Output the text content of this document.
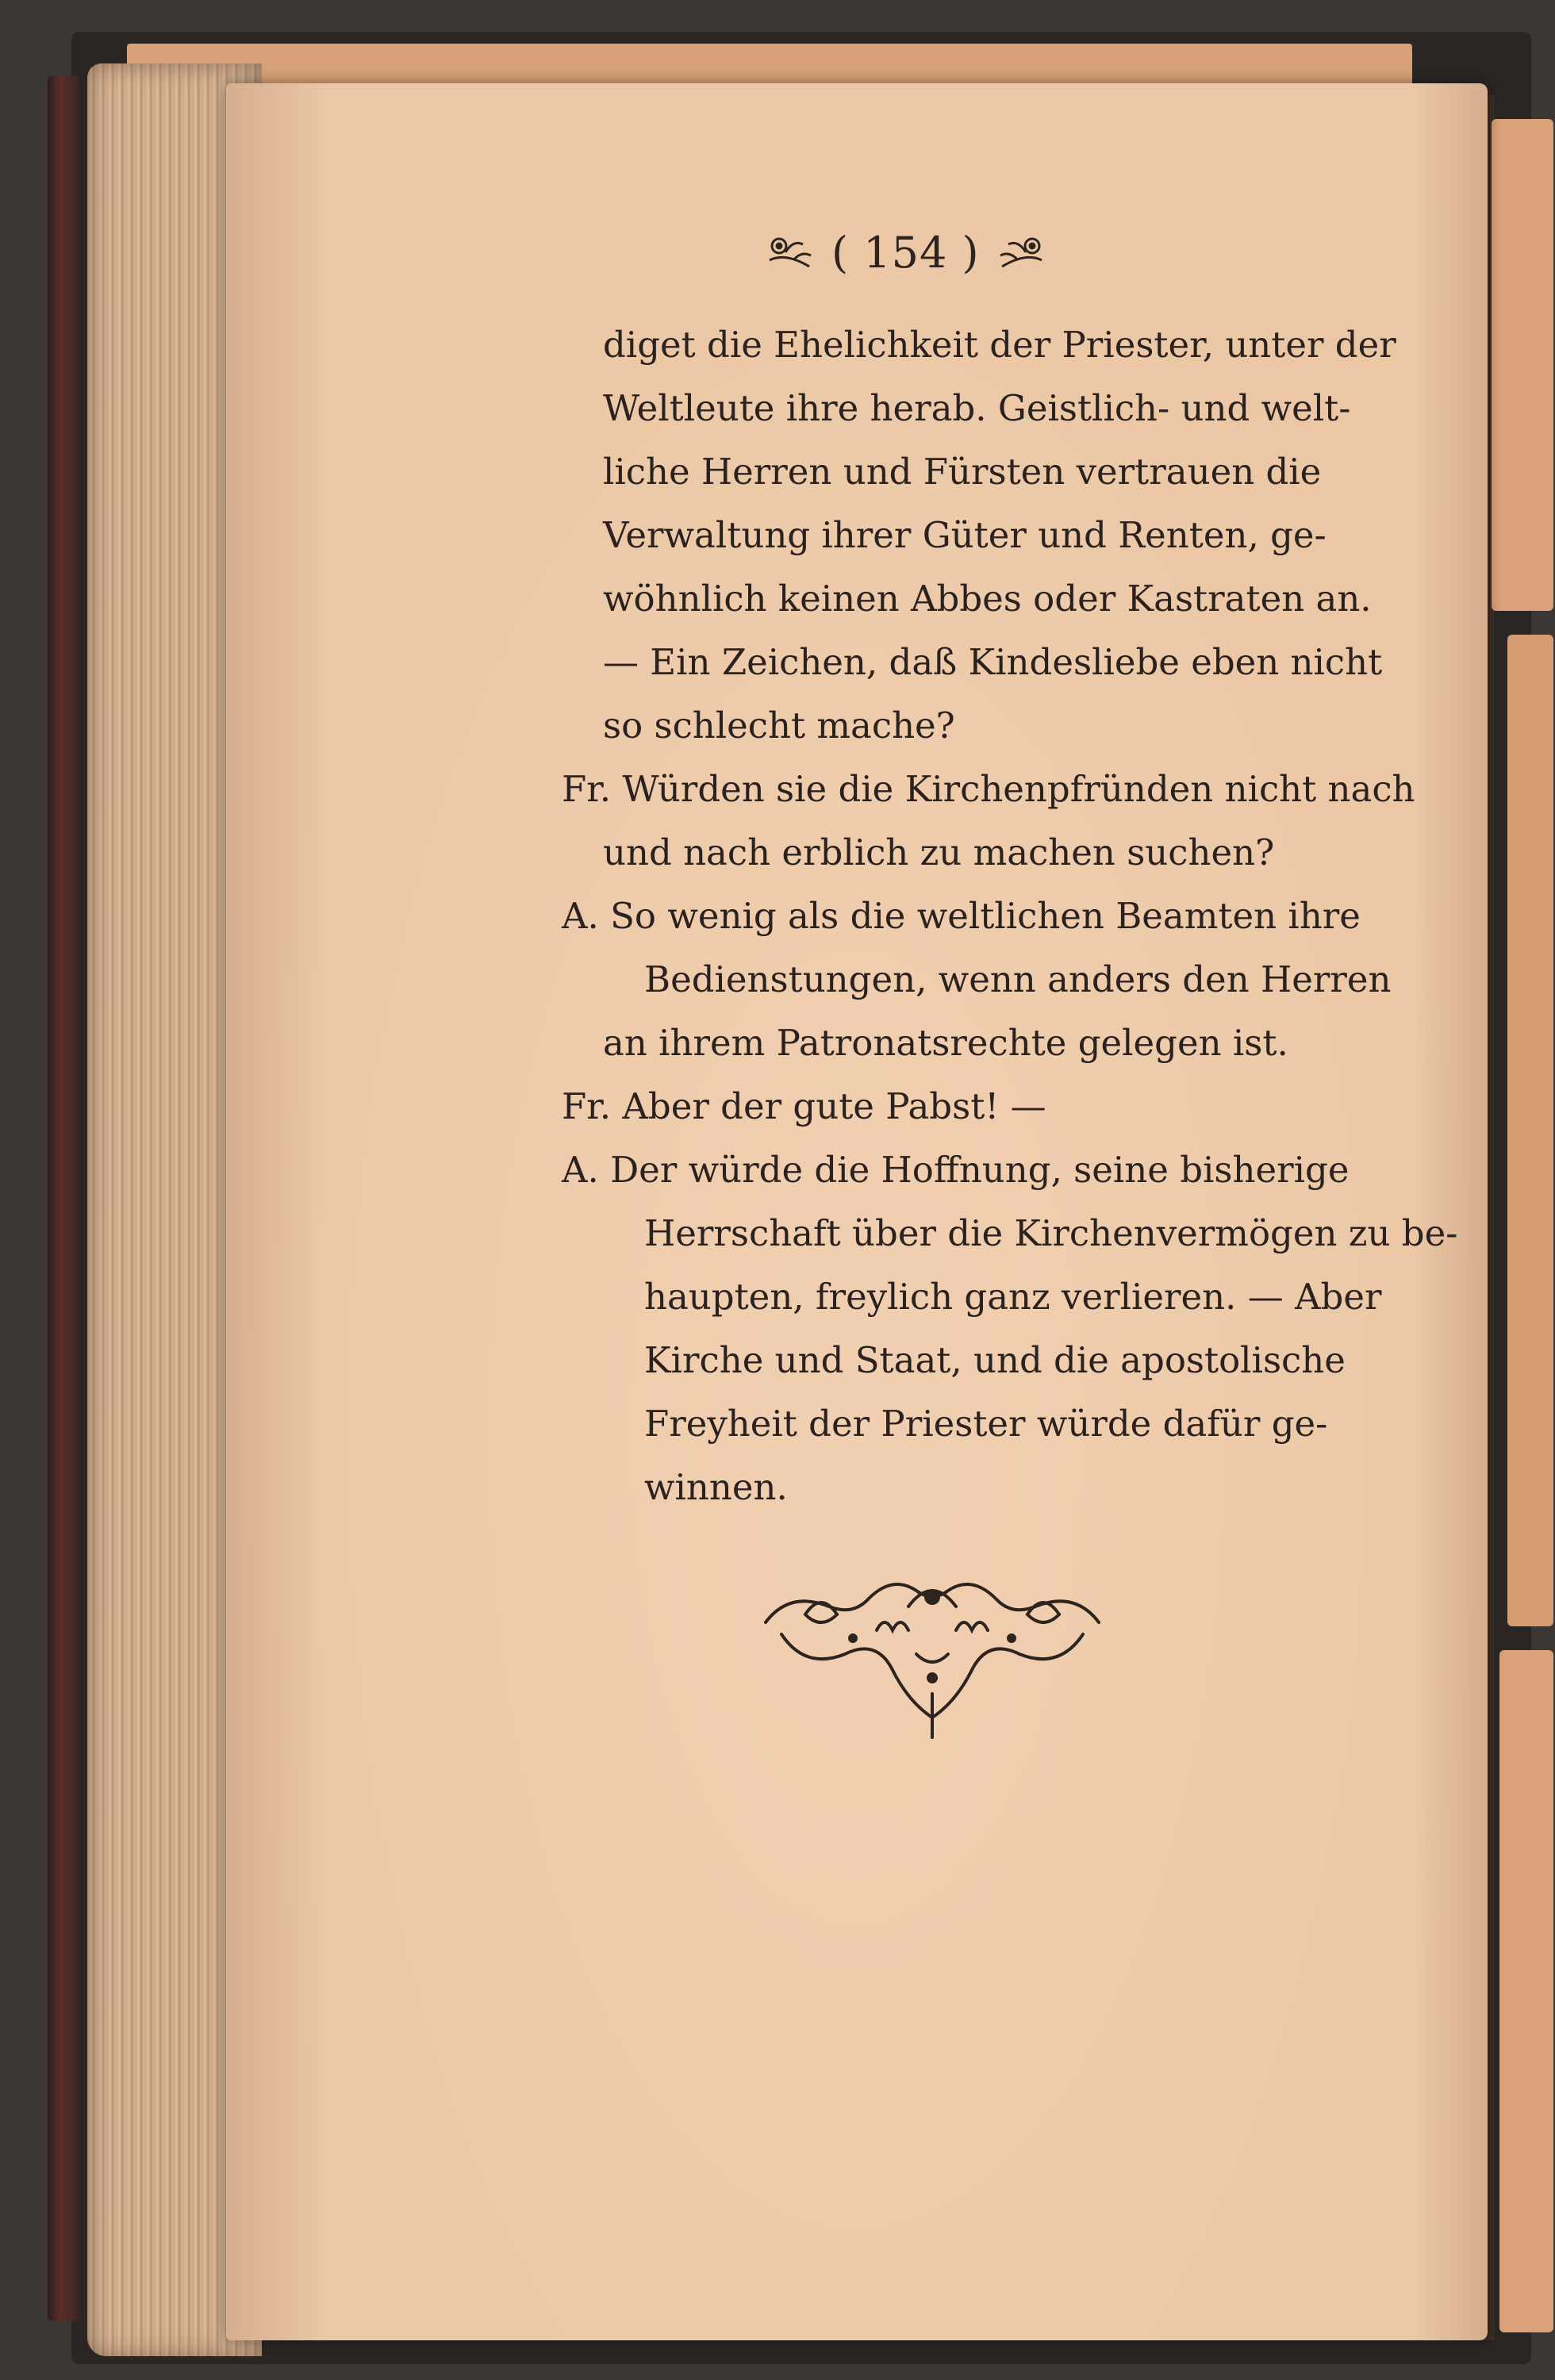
( 154 )
diget die Ehelichkeit der Priester, unter der
Weltleute ihre herab. Geistlich- und welt-
liche Herren und Fürsten vertrauen die
Verwaltung ihrer Güter und Renten, ge-
wöhnlich keinen Abbes oder Kastraten an.
— Ein Zeichen, daß Kindesliebe eben nicht
so schlecht mache?
Fr. Würden sie die Kirchenpfründen nicht nach
und nach erblich zu machen suchen?
A. So wenig als die weltlichen Beamten ihre
Bedienstungen, wenn anders den Herren
an ihrem Patronatsrechte gelegen ist.
Fr. Aber der gute Pabst! —
A. Der würde die Hoffnung, seine bisherige
Herrschaft über die Kirchenvermögen zu be-
haupten, freylich ganz verlieren. — Aber
Kirche und Staat, und die apostolische
Freyheit der Priester würde dafür ge-
winnen.
